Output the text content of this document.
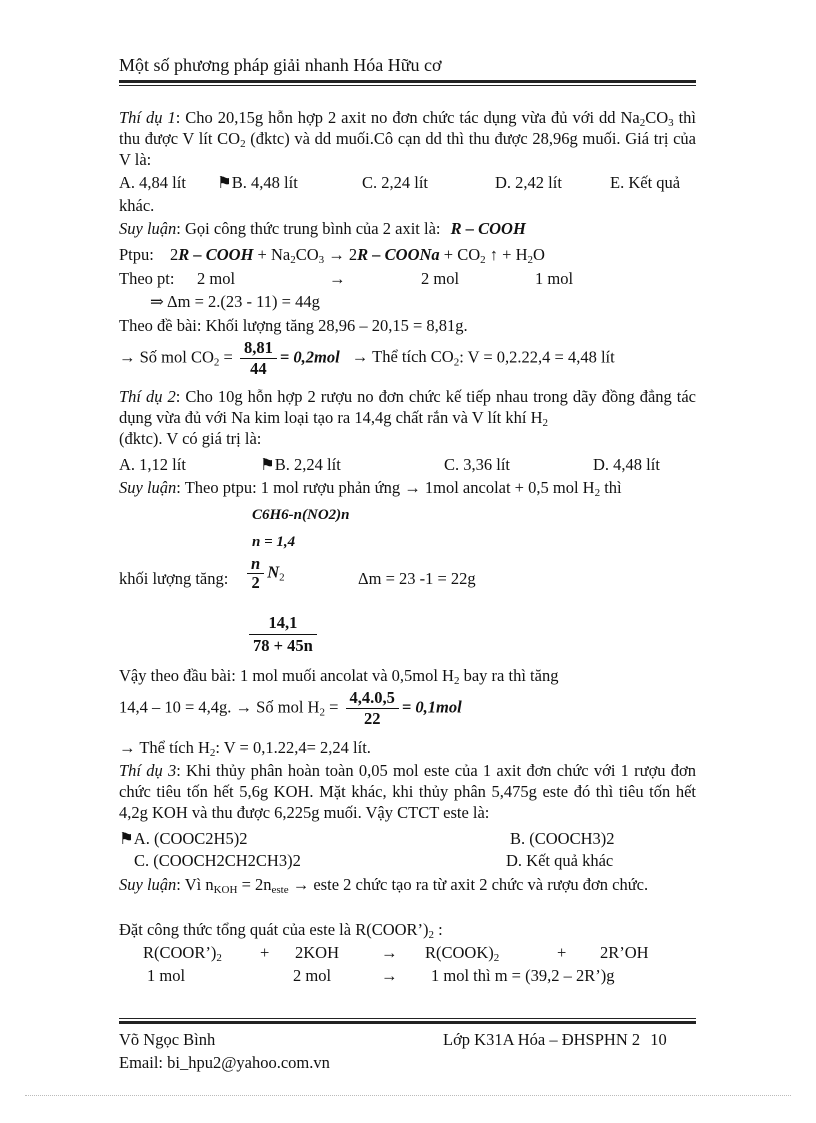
Một số phương pháp giải nhanh Hóa Hữu cơ
Thí dụ 1: Cho 20,15g hỗn hợp 2 axit no đơn chức tác dụng vừa đủ với dd $Na_2CO_3$ thì thu được V lít $CO_2$ (đktc) và dd muối.Cô cạn dd thì thu được 28,96g muối. Giá trị của V là:
A. 4,84 lít ⚑B. 4,48 lít	C. 2,24 lít	D. 2,42 lít	E. Kết quả
khác.
Suy luận: Gọi công thức trung bình của 2 axit là: R – COOH
Ptpu: 2R – COOH + $Na_2CO_3 \to 2R$ – COONa + $CO_2$ ↑ + $H_2O$
Theo pt: 2 mol	→	2 mol	1 mol
⇒ Δm = 2.(23 - 11) = 44g
Theo đề bài: Khối lượng tăng 28,96 – 20,15 = 8,81g.
→ Số mol $CO_2 = \frac{8,81}{44} = 0,2mol$ → Thể tích $CO_2$: V = 0,2.22,4 = 4,48 lít
Thí dụ 2: Cho 10g hỗn hợp 2 rượu no đơn chức kế tiếp nhau trong dãy đồng đẳng tác dụng vừa đủ với Na kim loại tạo ra 14,4g chất rắn và V lít khí $H_2$
(đktc). V có giá trị là:
A. 1,12 lít	⚑B. 2,24 lít	C. 3,36 lít	D. 4,48 lít
Suy luận: Theo ptpu: 1 mol rượu phản ứng → 1mol ancolat + 0,5 mol $H_2$ thì
C6H6-n(NO2)n
n = 1,4
khối lượng tăng: $\frac{n}{2} N_2$	Δm = 23 -1 = 22g
$\frac{14,1}{78 + 45n}$
Vậy theo đầu bài: 1 mol muối ancolat và 0,5mol $H_2$ bay ra thì tăng
14,4 – 10 = 4,4g. → Số mol $H_2 = \frac{4,4.0,5}{22} = 0,1mol$
→ Thể tích $H_2$: V = 0,1.22,4= 2,24 lít.
Thí dụ 3: Khi thủy phân hoàn toàn 0,05 mol este của 1 axit đơn chức với 1 rượu đơn chức tiêu tốn hết 5,6g KOH. Mặt khác, khi thủy phân 5,475g este đó thì tiêu tốn hết 4,2g KOH và thu được 6,225g muối. Vậy CTCT este là:
⚑A. (COOC2H5)2	B. (COOCH3)2
C. (COOCH2CH2CH3)2	D. Kết quả khác
Suy luận: Vì $n_{KOH} = 2n_{este}$ → este 2 chức tạo ra từ axit 2 chức và rượu đơn chức.
Đặt công thức tổng quát của este là $R(COOR’)_2$ :
$R(COOR’)_2 + 2KOH$	→ $R(COOK)_2$	+ 2R’OH
1 mol	2 mol	→ 1 mol thì m = (39,2 – 2R’)g
Võ Ngọc Bình	Lớp K31A Hóa – ĐHSPHN 2 10
Email: bi_hpu2@yahoo.com.vn
